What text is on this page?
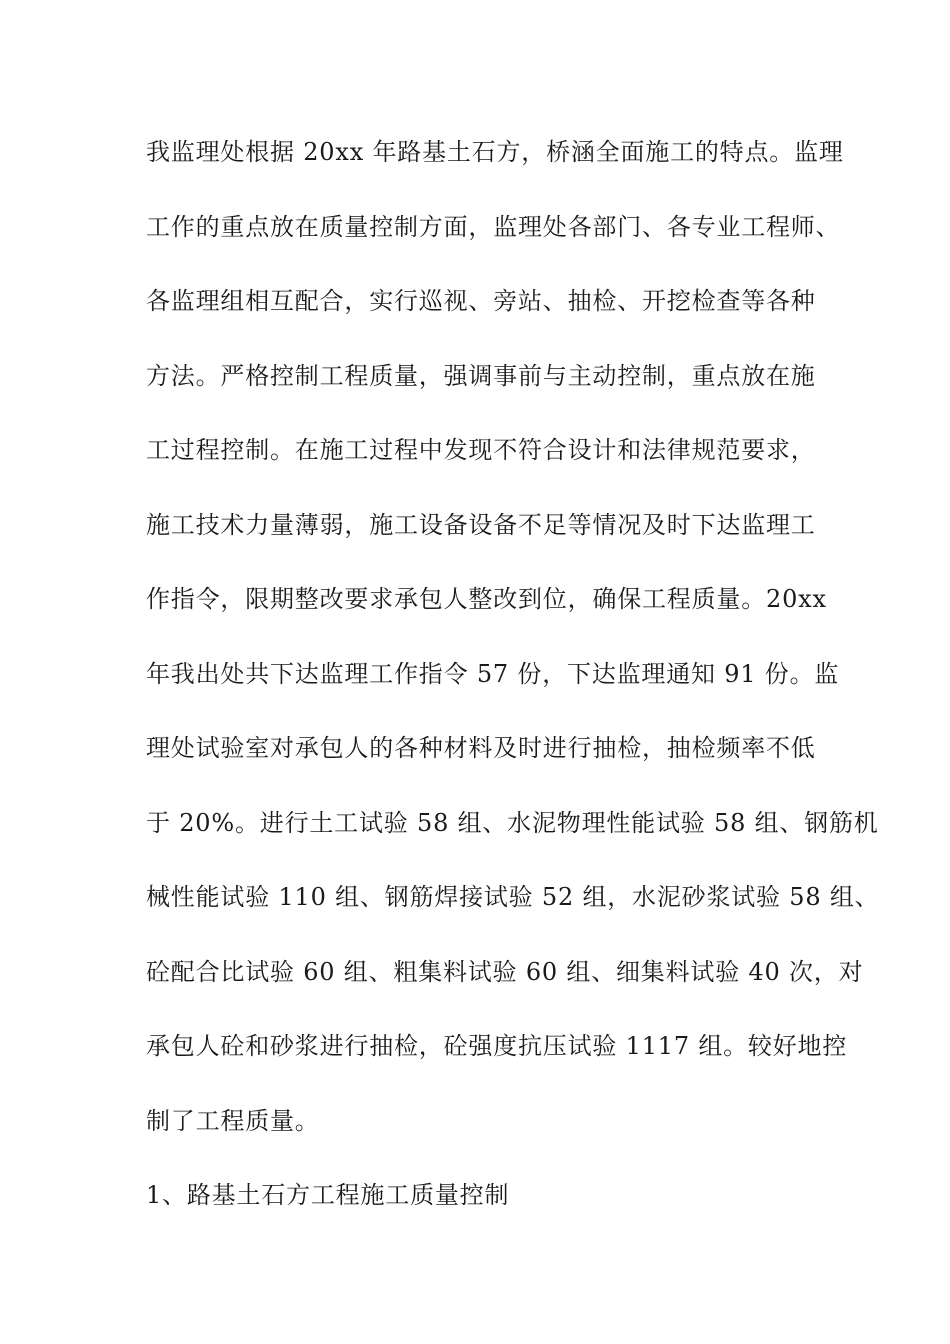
我监理处根据 20xx 年路基土石方，桥涵全面施工的特点。监理
工作的重点放在质量控制方面，监理处各部门、各专业工程师、
各监理组相互配合，实行巡视、旁站、抽检、开挖检查等各种
方法。严格控制工程质量，强调事前与主动控制，重点放在施
工过程控制。在施工过程中发现不符合设计和法律规范要求，
施工技术力量薄弱，施工设备设备不足等情况及时下达监理工
作指令，限期整改要求承包人整改到位，确保工程质量。20xx
年我出处共下达监理工作指令 57 份，下达监理通知 91 份。监
理处试验室对承包人的各种材料及时进行抽检，抽检频率不低
于 20%。进行土工试验 58 组、水泥物理性能试验 58 组、钢筋机
械性能试验 110 组、钢筋焊接试验 52 组，水泥砂浆试验 58 组、
砼配合比试验 60 组、粗集料试验 60 组、细集料试验 40 次，对
承包人砼和砂浆进行抽检，砼强度抗压试验 1117 组。较好地控
制了工程质量。
1、路基土石方工程施工质量控制
